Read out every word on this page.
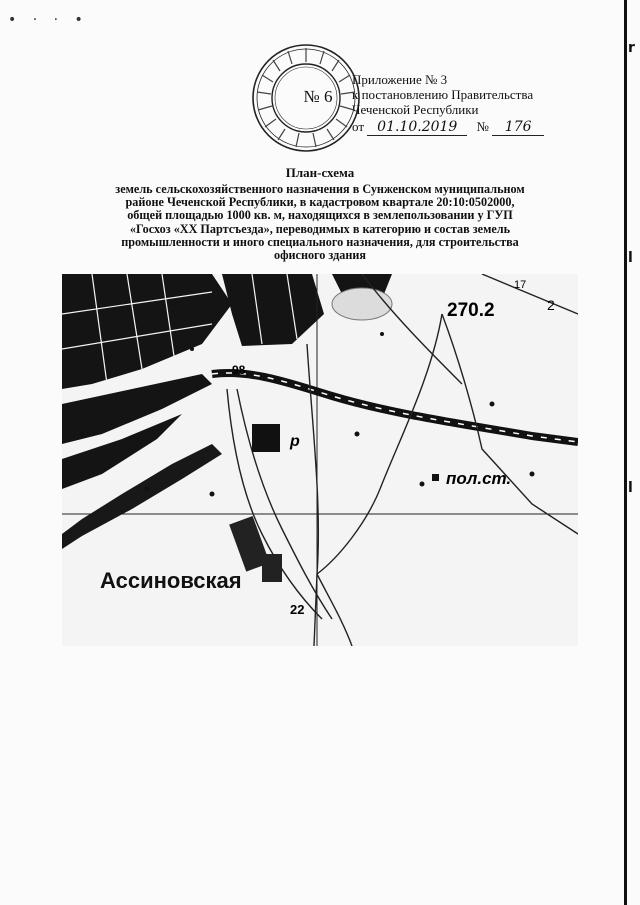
• · · •
r
l
l
№ 6
Приложение № 3
к постановлению Правительства
Чеченской Республики
от 01.10.2019 № 176
План-схема
земель сельскохозяйственного назначения в Сунженском муниципальном
районе Чеченской Республики, в кадастровом квартале 20:10:0502000,
общей площадью 1000 кв. м, находящихся в землепользовании у ГУП
«Госхоз «XX Партсъезда», переводимых в категорию и состав земель
промышленности и иного специального назначения, для строительства
офисного здания
270.2	2
17
пол.ст.
98
22
р
Ассиновская
